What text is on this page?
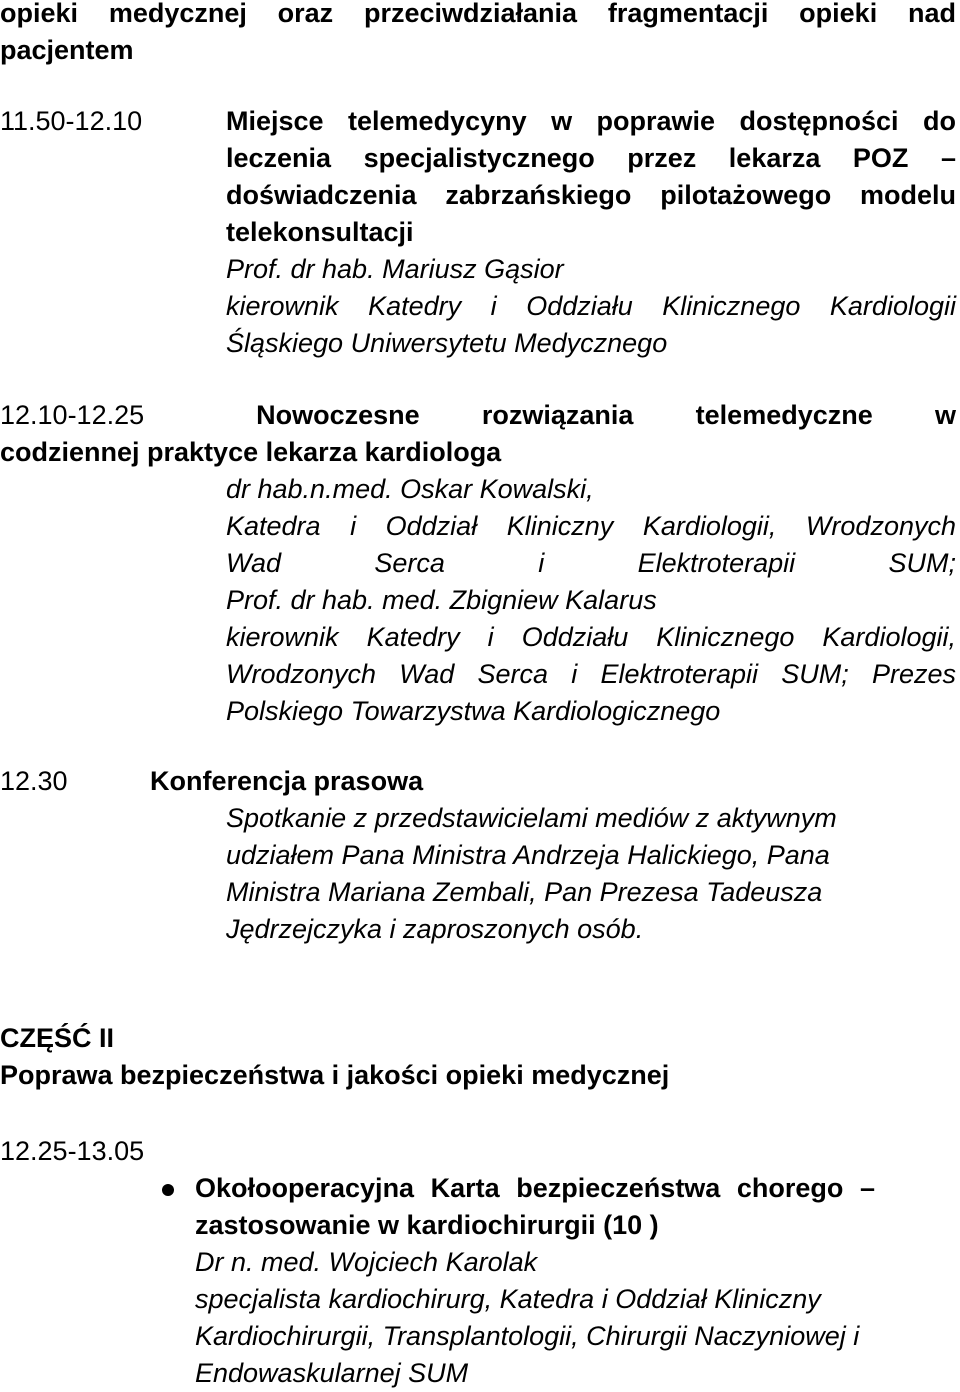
opieki medycznej oraz przeciwdziałania fragmentacji opieki nad
pacjentem
11.50-12.10	Miejsce telemedycyny w poprawie dostępności do
leczenia specjalistycznego przez lekarza POZ –
doświadczenia zabrzańskiego pilotażowego modelu
telekonsultacji
Prof. dr hab. Mariusz Gąsior
kierownik Katedry i Oddziału Klinicznego Kardiologii
Śląskiego Uniwersytetu Medycznego
12.10-12.25	Nowoczesne rozwiązania telemedyczne w
codziennej praktyce lekarza kardiologa
dr hab.n.med. Oskar Kowalski,
Katedra i Oddział Kliniczny Kardiologii, Wrodzonych
Wad Serca i Elektroterapii SUM;
Prof. dr hab. med. Zbigniew Kalarus
kierownik Katedry i Oddziału Klinicznego Kardiologii,
Wrodzonych Wad Serca i Elektroterapii SUM; Prezes
Polskiego Towarzystwa Kardiologicznego
12.30	Konferencja prasowa
Spotkanie z przedstawicielami mediów z aktywnym
udziałem Pana Ministra Andrzeja Halickiego, Pana
Ministra Mariana Zembali, Pan Prezesa Tadeusza
Jędrzejczyka i zaproszonych osób.
CZĘŚĆ II
Poprawa bezpieczeństwa i jakości opieki medycznej
12.25-13.05
Okołooperacyjna Karta bezpieczeństwa chorego –
zastosowanie w kardiochirurgii (10 )
Dr n. med. Wojciech Karolak
specjalista kardiochirurg, Katedra i Oddział Kliniczny
Kardiochirurgii, Transplantologii, Chirurgii Naczyniowej i
Endowaskularnej SUM
